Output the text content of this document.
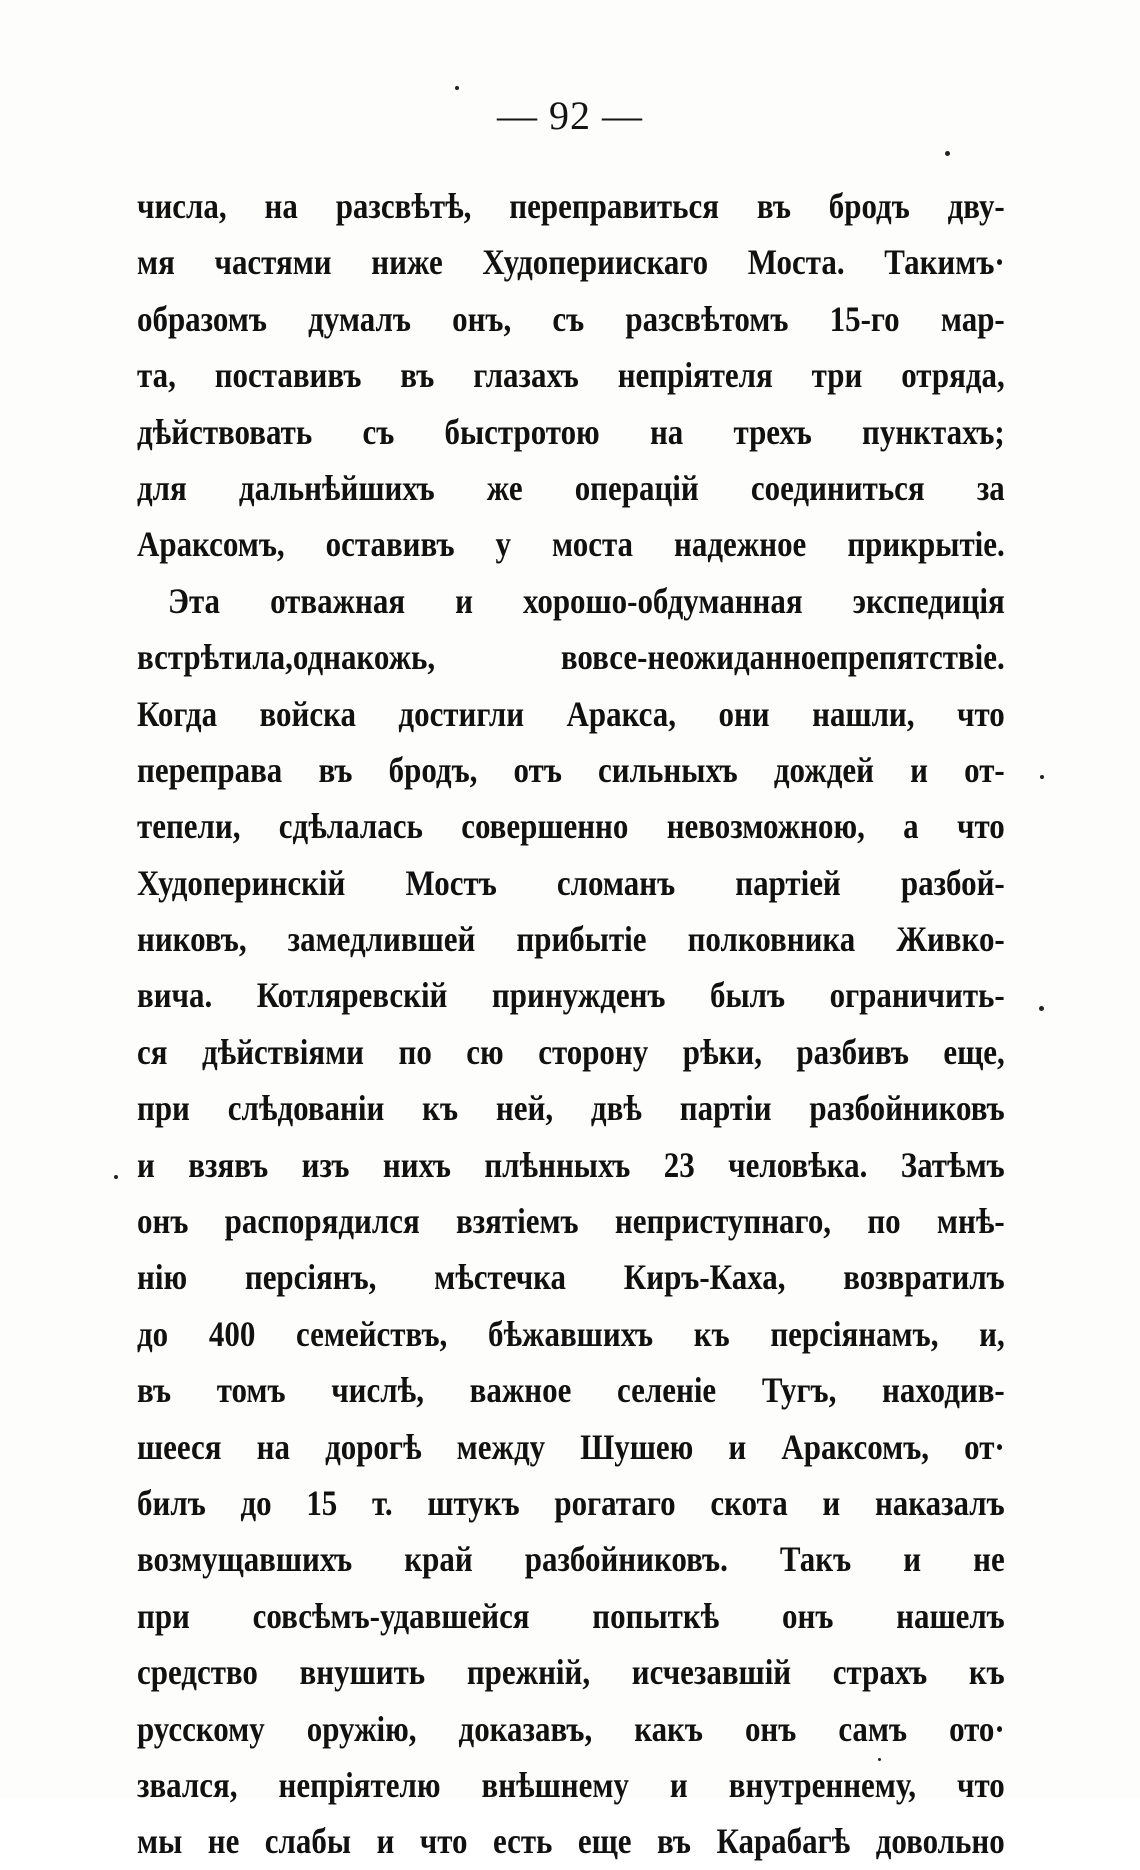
— 92 —
числа, на разсвѣтѣ, переправиться въ бродъ дву-
мя частями ниже Худопериискаго Моста. Такимъ·
образомъ думалъ онъ, съ разсвѣтомъ 15-го мар-
та, поставивъ въ глазахъ непріятеля три отряда,
дѣйствовать съ быстротою на трехъ пунктахъ;
для дальнѣйшихъ же операцій соединиться за
Араксомъ, оставивъ у моста надежное прикрытіе.
Эта отважная и хорошо-обдуманная экспедиція
встрѣтила,однакожь, вовсе-неожиданноепрепятствіе.
Когда войска достигли Аракса, они нашли, что
переправа въ бродъ, отъ сильныхъ дождей и от-
тепели, сдѣлалась совершенно невозможною, а что
Худоперинскій Мостъ сломанъ партіей разбой-
никовъ, замедлившей прибытіе полковника Живко-
вича. Котляревскій принужденъ былъ ограничить-
ся дѣйствіями по сю сторону рѣки, разбивъ еще,
при слѣдованіи къ ней, двѣ партіи разбойниковъ
и взявъ изъ нихъ плѣнныхъ 23 человѣка. Затѣмъ
онъ распорядился взятіемъ неприступнаго, по мнѣ-
нію персіянъ, мѣстечка Киръ-Каха, возвратилъ
до 400 семействъ, бѣжавшихъ къ персіянамъ, и,
въ томъ числѣ, важное селеніе Тугъ, находив-
шееся на дорогѣ между Шушею и Араксомъ, от·
билъ до 15 т. штукъ рогатаго скота и наказалъ
возмущавшихъ край разбойниковъ. Такъ и не
при совсѣмъ-удавшейся попыткѣ онъ нашелъ
средство внушить прежній, исчезавшій страхъ къ
русскому оружію, доказавъ, какъ онъ самъ ото·
звался, непріятелю внѣшнему и внутреннему, что
мы не слабы и что есть еще въ Карабагѣ довольно
